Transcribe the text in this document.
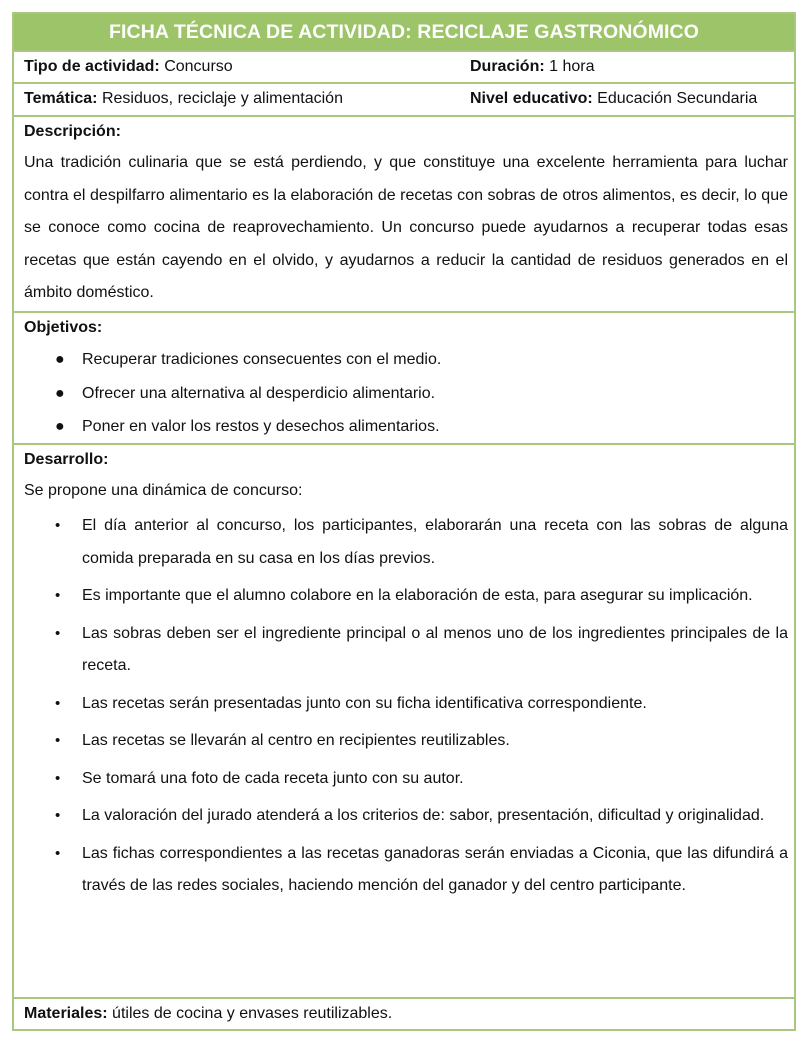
FICHA TÉCNICA DE ACTIVIDAD: RECICLAJE GASTRONÓMICO
Tipo de actividad: Concurso	Duración: 1 hora
Temática: Residuos, reciclaje y alimentación	Nivel educativo: Educación Secundaria
Descripción:

Una tradición culinaria que se está perdiendo, y que constituye una excelente herramienta para luchar contra el despilfarro alimentario es la elaboración de recetas con sobras de otros alimentos, es decir, lo que se conoce como cocina de reaprovechamiento. Un concurso puede ayudarnos a recuperar todas esas recetas que están cayendo en el olvido, y ayudarnos a reducir la cantidad de residuos generados en el ámbito doméstico.

Objetivos:
● Recuperar tradiciones consecuentes con el medio.
● Ofrecer una alternativa al desperdicio alimentario.
● Poner en valor los restos y desechos alimentarios.
Desarrollo:

Se propone una dinámica de concurso:

• El día anterior al concurso, los participantes, elaborarán una receta con las sobras de alguna comida preparada en su casa en los días previos.
• Es importante que el alumno colabore en la elaboración de esta, para asegurar su implicación.
• Las sobras deben ser el ingrediente principal o al menos uno de los ingredientes principales de la receta.
• Las recetas serán presentadas junto con su ficha identificativa correspondiente.
• Las recetas se llevarán al centro en recipientes reutilizables.
• Se tomará una foto de cada receta junto con su autor.
• La valoración del jurado atenderá a los criterios de: sabor, presentación, dificultad y originalidad.
• Las fichas correspondientes a las recetas ganadoras serán enviadas a Ciconia, que las difundirá a través de las redes sociales, haciendo mención del ganador y del centro participante.
Materiales: útiles de cocina y envases reutilizables.
